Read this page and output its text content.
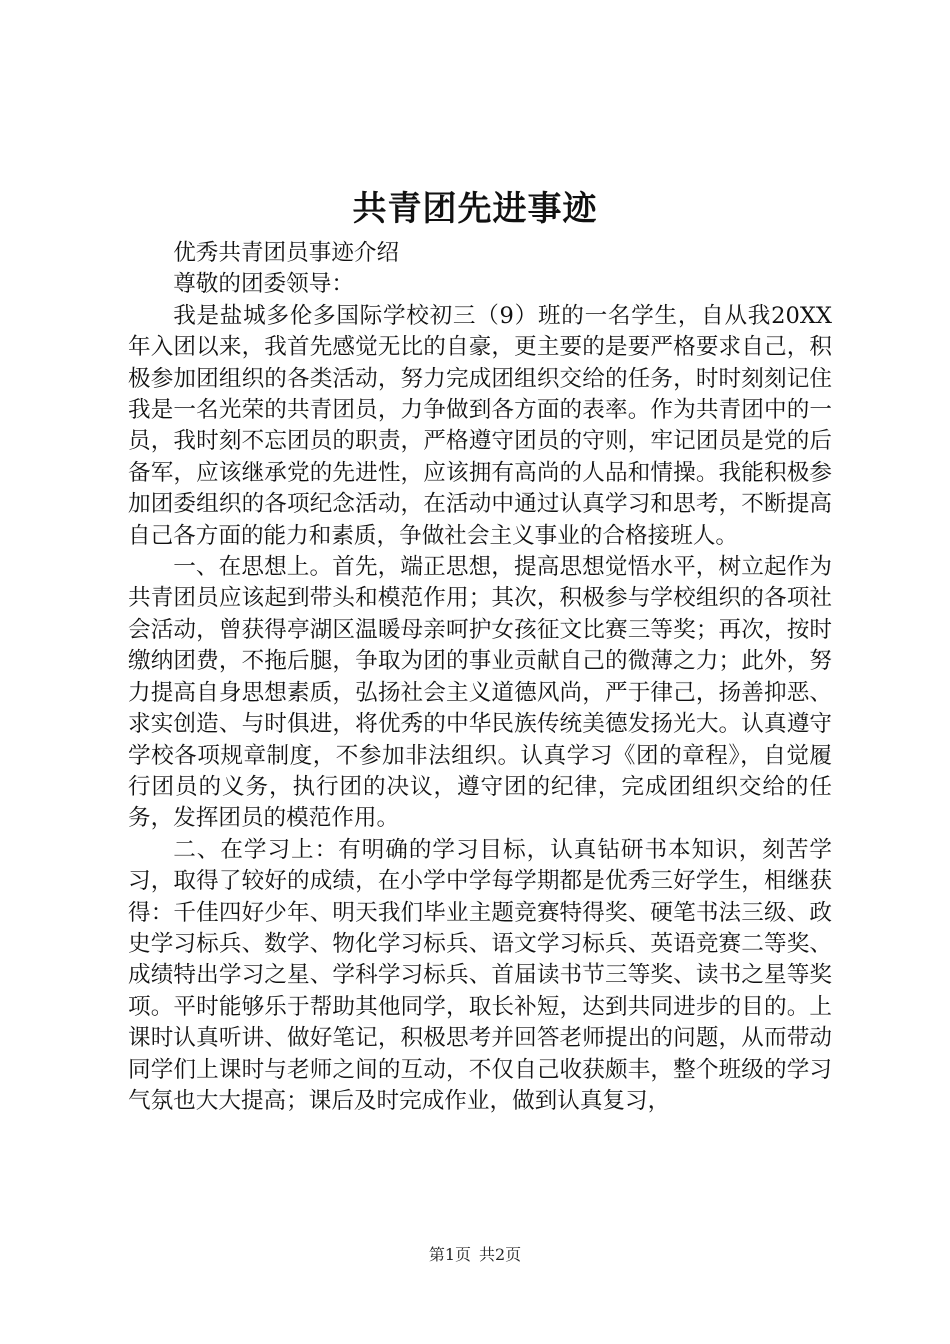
共青团先进事迹

优秀共青团员事迹介绍

尊敬的团委领导：

我是盐城多伦多国际学校初三（9）班的一名学生，自从我20XX年入团以来，我首先感觉无比的自豪，更主要的是要严格要求自己，积极参加团组织的各类活动，努力完成团组织交给的任务，时时刻刻记住我是一名光荣的共青团员，力争做到各方面的表率。作为共青团中的一员，我时刻不忘团员的职责，严格遵守团员的守则，牢记团员是党的后备军，应该继承党的先进性，应该拥有高尚的人品和情操。我能积极参加团委组织的各项纪念活动，在活动中通过认真学习和思考，不断提高自己各方面的能力和素质，争做社会主义事业的合格接班人。

一、在思想上。首先，端正思想，提高思想觉悟水平，树立起作为共青团员应该起到带头和模范作用；其次，积极参与学校组织的各项社会活动，曾获得亭湖区温暖母亲呵护女孩征文比赛三等奖；再次，按时缴纳团费，不拖后腿，争取为团的事业贡献自己的微薄之力；此外，努力提高自身思想素质，弘扬社会主义道德风尚，严于律己，扬善抑恶、求实创造、与时俱进，将优秀的中华民族传统美德发扬光大。认真遵守学校各项规章制度，不参加非法组织。认真学习《团的章程》，自觉履行团员的义务，执行团的决议，遵守团的纪律，完成团组织交给的任务，发挥团员的模范作用。

二、在学习上：有明确的学习目标，认真钻研书本知识，刻苦学习，取得了较好的成绩，在小学中学每学期都是优秀三好学生，相继获得：千佳四好少年、明天我们毕业主题竞赛特得奖、硬笔书法三级、政史学习标兵、数学、物化学习标兵、语文学习标兵、英语竞赛二等奖、成绩特出学习之星、学科学习标兵、首届读书节三等奖、读书之星等奖项。平时能够乐于帮助其他同学，取长补短，达到共同进步的目的。上课时认真听讲、做好笔记，积极思考并回答老师提出的问题，从而带动同学们上课时与老师之间的互动，不仅自己收获颇丰，整个班级的学习气氛也大大提高；课后及时完成作业，做到认真复习，

第1页 共2页
